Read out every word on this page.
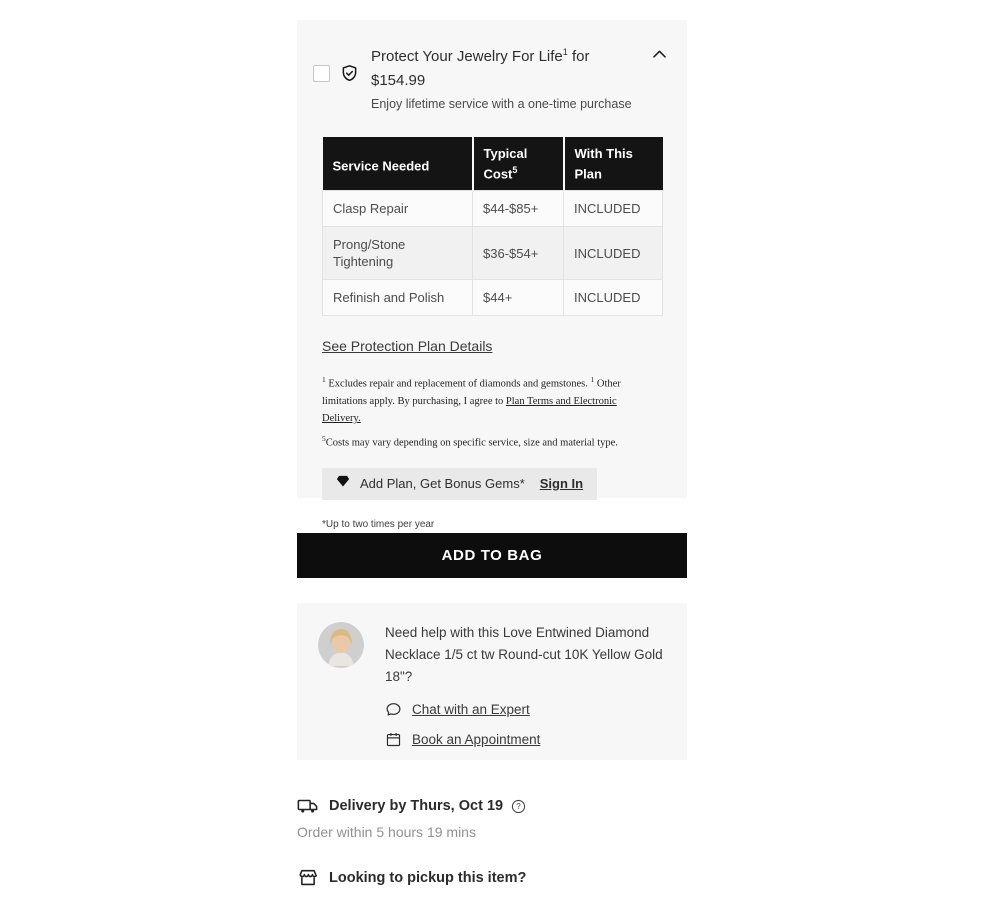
Protect Your Jewelry For Life$^1$ for
$154.99
Enjoy lifetime service with a one-time purchase
Service Needed	Typical Cost$^5$	With This Plan
Clasp Repair	$44-$85+	INCLUDED
Prong/Stone Tightening	$36-$54+	INCLUDED
Refinish and Polish	$44+	INCLUDED
See Protection Plan Details

$^1$ Excludes repair and replacement of diamonds and gemstones. $^1$ Other limitations apply. By purchasing, I agree to Plan Terms and Electronic Delivery.

$^5$Costs may vary depending on specific service, size and material type.

Add Plan, Get Bonus Gems* Sign In
*Up to two times per year
ADD TO BAG
Need help with this Love Entwined Diamond Necklace 1/5 ct tw Round-cut 10K Yellow Gold 18"?
Chat with an Expert
Book an Appointment
Delivery by Thurs, Oct 19 ?
Order within 5 hours 19 mins
Looking to pickup this item?
